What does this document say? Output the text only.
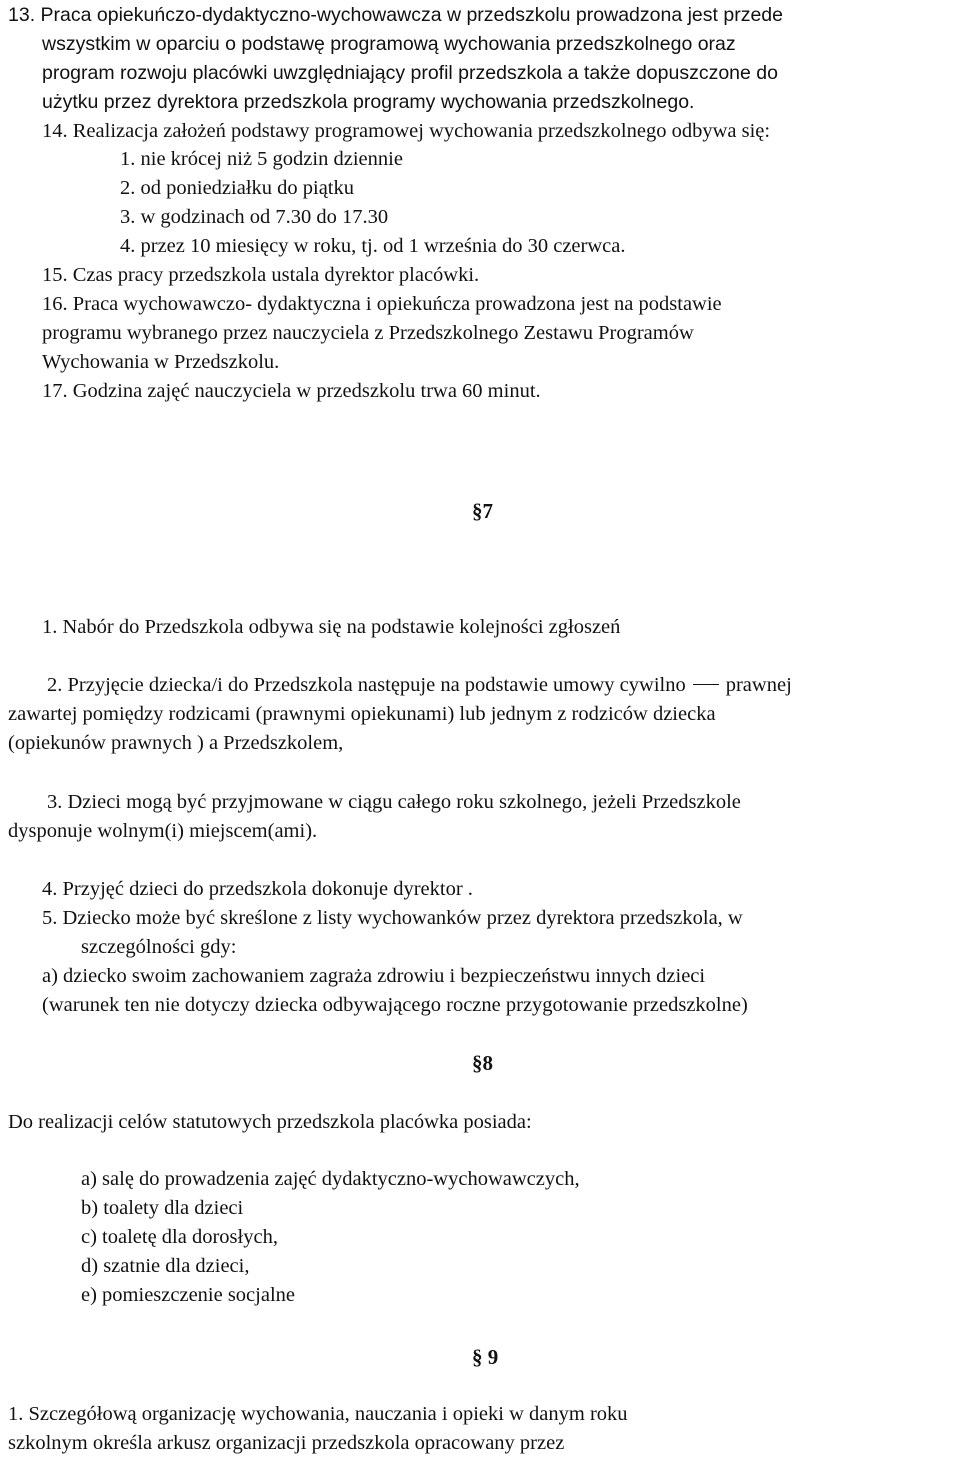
13. Praca opiekuńczo-dydaktyczno-wychowawcza w przedszkolu prowadzona jest przede
wszystkim w oparciu o podstawę programową wychowania przedszkolnego oraz
program rozwoju placówki uwzględniający profil przedszkola a także dopuszczone do
użytku przez dyrektora przedszkola programy wychowania przedszkolnego.
14. Realizacja założeń podstawy programowej wychowania przedszkolnego odbywa się:
1. nie krócej niż 5 godzin dziennie
2. od poniedziałku do piątku
3. w godzinach od 7.30 do 17.30
4. przez 10 miesięcy w roku, tj. od 1 września do 30 czerwca.
15. Czas pracy przedszkola ustala dyrektor placówki.
16. Praca wychowawczo- dydaktyczna i opiekuńcza prowadzona jest na podstawie
programu wybranego przez nauczyciela z Przedszkolnego Zestawu Programów
Wychowania w Przedszkolu.
17. Godzina zajęć nauczyciela w przedszkolu trwa 60 minut.
§7
1. Nabór do Przedszkola odbywa się na podstawie kolejności zgłoszeń
2. Przyjęcie dziecka/i do Przedszkola następuje na podstawie umowy cywilno prawnej
zawartej pomiędzy rodzicami (prawnymi opiekunami) lub jednym z rodziców dziecka
(opiekunów prawnych ) a Przedszkolem,
3. Dzieci mogą być przyjmowane w ciągu całego roku szkolnego, jeżeli Przedszkole
dysponuje wolnym(i) miejscem(ami).
4. Przyjęć dzieci do przedszkola dokonuje dyrektor .
5. Dziecko może być skreślone z listy wychowanków przez dyrektora przedszkola, w
szczególności gdy:
a) dziecko swoim zachowaniem zagraża zdrowiu i bezpieczeństwu innych dzieci
(warunek ten nie dotyczy dziecka odbywającego roczne przygotowanie przedszkolne)
§8
Do realizacji celów statutowych przedszkola placówka posiada:
a) salę do prowadzenia zajęć dydaktyczno-wychowawczych,
b) toalety dla dzieci
c) toaletę dla dorosłych,
d) szatnie dla dzieci,
e) pomieszczenie socjalne
§ 9
1. Szczegółową organizację wychowania, nauczania i opieki w danym roku
szkolnym określa arkusz organizacji przedszkola opracowany przez
